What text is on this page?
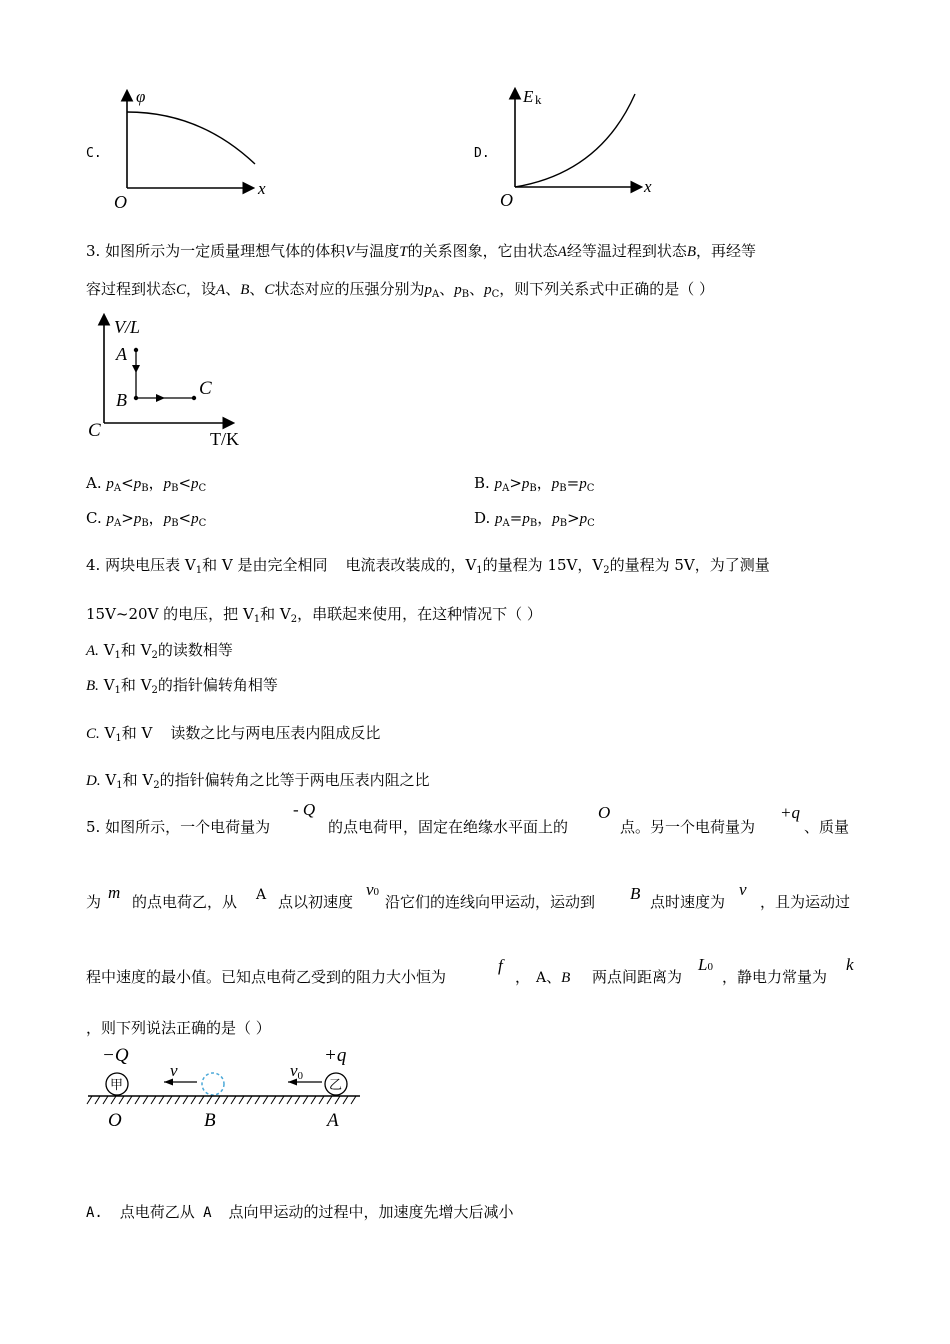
C.
φ
x
O
D.
E k
x
O
3. 如图所示为一定质量理想气体的体积V与温度T的关系图象，它由状态A经等温过程到状态B，再经等
容过程到状态C，设A、B、C状态对应的压强分别为$p_A$、$p_B$、$p_C$，则下列关系式中正确的是（ ）
V/L
T/K
C
A
B
C
A. $p_A<p_B$，$p_B<p_C$	B. $p_A>p_B$，$p_B=p_C$
C. $p_A>p_B$，$p_B<p_C$	D. $p_A=p_B$，$p_B>p_C$
4. 两块电压表 $V_1$和 V 是由完全相同 电流表改装成的，$V_1$的量程为 15V，$V_2$的量程为 5V，为了测量
15V~20V 的电压，把 $V_1$和 $V_2$，串联起来使用，在这种情况下（ ）
A. $V_1$和 $V_2$的读数相等
B. $V_1$和 $V_2$的指针偏转角相等
C. $V_1$和 V 读数之比与两电压表内阻成反比
D. $V_1$和 $V_2$的指针偏转角之比等于两电压表内阻之比
5. 如图所示，一个电荷量为
- Q
的点电荷甲，固定在绝缘水平面上的
O
点。另一个电荷量为
+q
、质量
为 m 的点电荷乙，从 A 点以初速度
v0
沿它们的连线向甲运动，运动到 B 点时速度为
v
，且为运动过
程中速度的最小值。已知点电荷乙受到的阻力大小恒为
f
， A、B 两点间距离为
L0
，静电力常量为
k
，则下列说法正确的是（ ）
−Q	+q
甲	乙
v	v0
O	B	A
A. 点电荷乙从 A 点向甲运动的过程中，加速度先增大后减小
